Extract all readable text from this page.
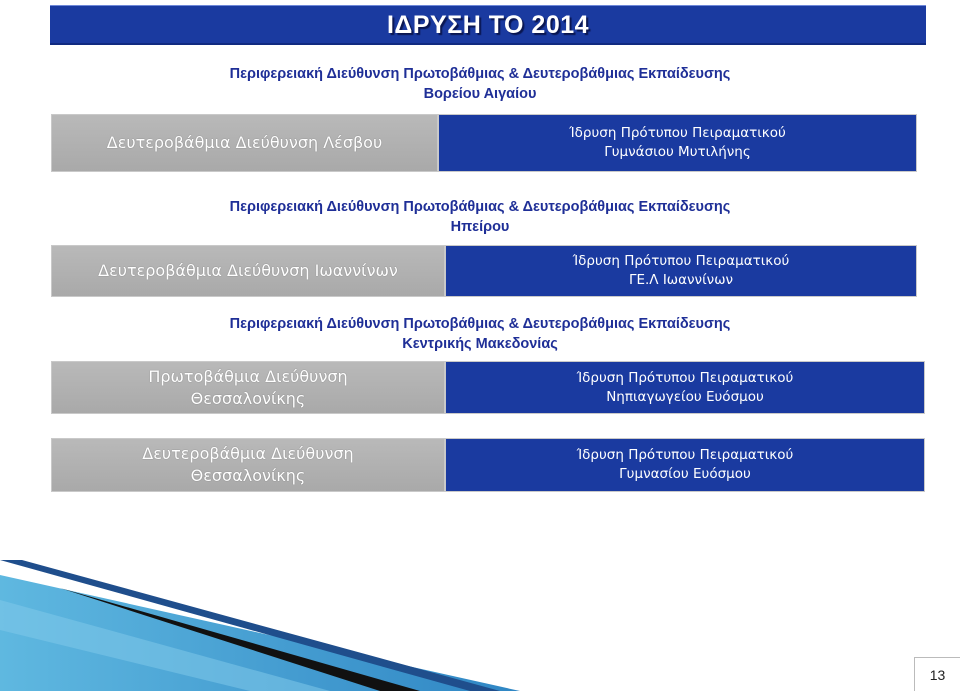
ΙΔΡΥΣΗ ΤΟ 2014
Περιφερειακή Διεύθυνση Πρωτοβάθμιας & Δευτεροβάθμιας Εκπαίδευσης
Βορείου Αιγαίου
Δευτεροβάθμια Διεύθυνση Λέσβου	Ίδρυση Πρότυπου Πειραματικού
Γυμνάσιου Μυτιλήνης
Περιφερειακή Διεύθυνση Πρωτοβάθμιας & Δευτεροβάθμιας Εκπαίδευσης
Ηπείρου
Δευτεροβάθμια Διεύθυνση Ιωαννίνων	Ίδρυση Πρότυπου Πειραματικού
ΓΕ.Λ Ιωαννίνων
Περιφερειακή Διεύθυνση Πρωτοβάθμιας & Δευτεροβάθμιας Εκπαίδευσης
Κεντρικής Μακεδονίας
Πρωτοβάθμια Διεύθυνση
Θεσσαλονίκης
Ίδρυση Πρότυπου Πειραματικού
Νηπιαγωγείου Ευόσμου
Δευτεροβάθμια Διεύθυνση
Θεσσαλονίκης
Ίδρυση Πρότυπου Πειραματικού
Γυμνασίου Ευόσμου
13
